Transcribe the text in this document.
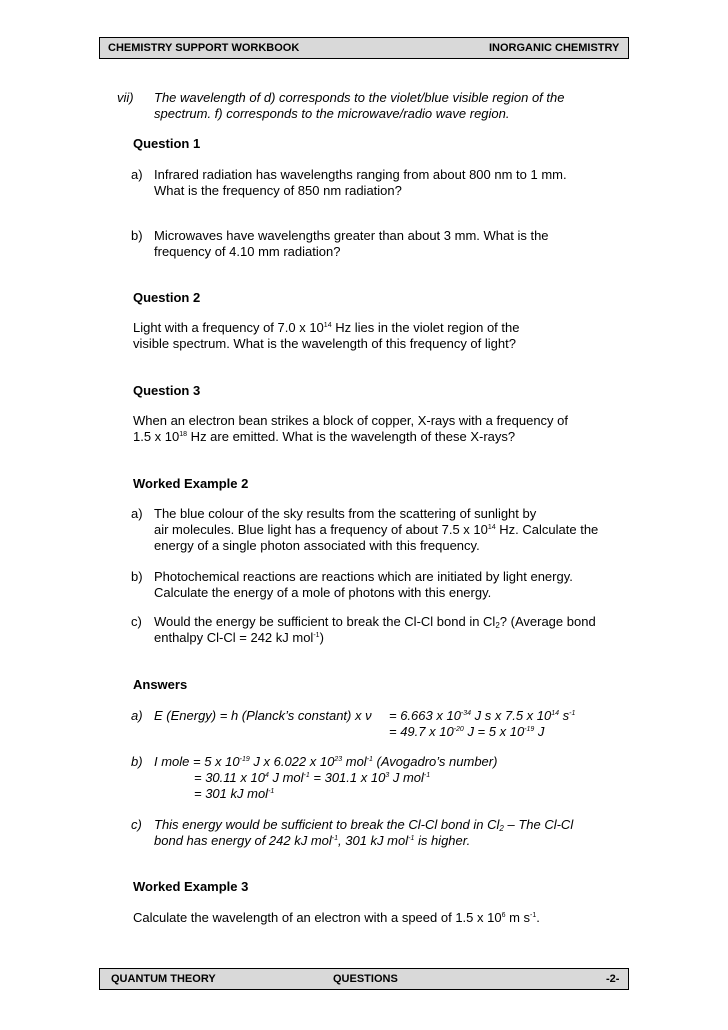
CHEMISTRY SUPPORT WORKBOOK	INORGANIC CHEMISTRY
vii) The wavelength of d) corresponds to the violet/blue visible region of the
spectrum. f) corresponds to the microwave/radio wave region.
Question 1
a) Infrared radiation has wavelengths ranging from about 800 nm to 1 mm.
What is the frequency of 850 nm radiation?
b) Microwaves have wavelengths greater than about 3 mm. What is the
frequency of 4.10 mm radiation?
Question 2
Light with a frequency of 7.0 x $10^{14}$ Hz lies in the violet region of the
visible spectrum. What is the wavelength of this frequency of light?
Question 3
When an electron bean strikes a block of copper, X-rays with a frequency of
1.5 x $10^{18}$ Hz are emitted. What is the wavelength of these X-rays?
Worked Example 2
a) The blue colour of the sky results from the scattering of sunlight by
air molecules. Blue light has a frequency of about 7.5 x $10^{14}$ Hz. Calculate the
energy of a single photon associated with this frequency.
b) Photochemical reactions are reactions which are initiated by light energy.
Calculate the energy of a mole of photons with this energy.
c) Would the energy be sufficient to break the Cl-Cl bond in $Cl_2$? (Average bond
enthalpy Cl-Cl = 242 kJ mol$^{-1}$)
Answers
a) E (Energy) = h (Planck’s constant) x ν = 6.663 x $10^{-34}$ J s x 7.5 x $10^{14}$ $s^{-1}$
= 49.7 x $10^{-20}$ J = 5 x $10^{-19}$ J
b) I mole = 5 x $10^{-19}$ J x 6.022 x $10^{23}$ mol$^{-1}$ (Avogadro’s number)
= 30.11 x $10^4$ J mol$^{-1}$ = 301.1 x $10^3$ J mol$^{-1}$
= 301 kJ mol$^{-1}$
c) This energy would be sufficient to break the Cl-Cl bond in $Cl_2$ – The Cl-Cl
bond has energy of 242 kJ mol$^{-1}$, 301 kJ mol$^{-1}$ is higher.
Worked Example 3
Calculate the wavelength of an electron with a speed of 1.5 x $10^6$ m $s^{-1}$.
QUANTUM THEORY	QUESTIONS	-2-
